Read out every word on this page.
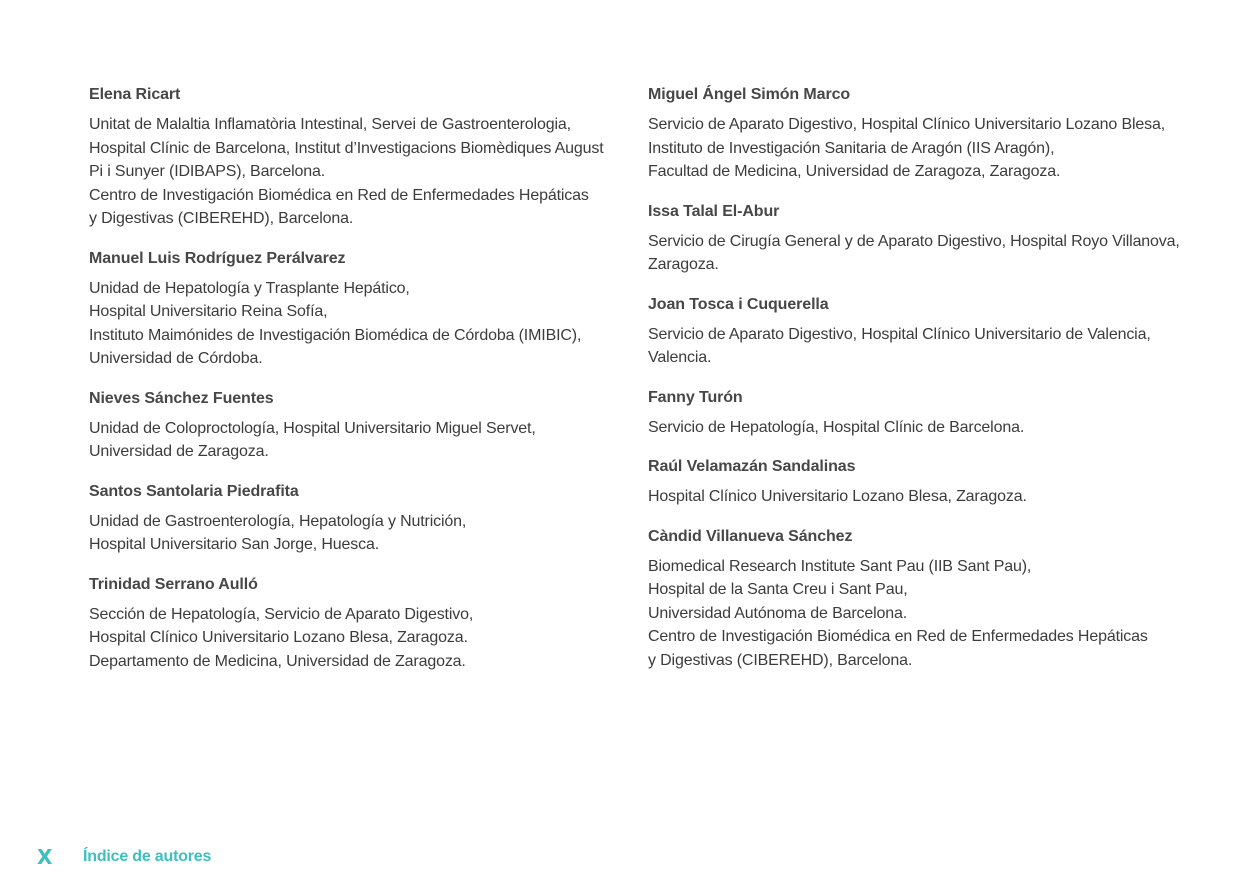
Elena Ricart

Unitat de Malaltia Inflamatòria Intestinal, Servei de Gastroenterologia,

Hospital Clínic de Barcelona, Institut d’Investigacions Biomèdiques August

Pi i Sunyer (IDIBAPS), Barcelona.

Centro de Investigación Biomédica en Red de Enfermedades Hepáticas

y Digestivas (CIBEREHD), Barcelona.

Manuel Luis Rodríguez Perálvarez

Unidad de Hepatología y Trasplante Hepático,

Hospital Universitario Reina Sofía,

Instituto Maimónides de Investigación Biomédica de Córdoba (IMIBIC),

Universidad de Córdoba.

Nieves Sánchez Fuentes

Unidad de Coloproctología, Hospital Universitario Miguel Servet,

Universidad de Zaragoza.

Santos Santolaria Piedrafita

Unidad de Gastroenterología, Hepatología y Nutrición,

Hospital Universitario San Jorge, Huesca.

Trinidad Serrano Aulló

Sección de Hepatología, Servicio de Aparato Digestivo,

Hospital Clínico Universitario Lozano Blesa, Zaragoza.

Departamento de Medicina, Universidad de Zaragoza.

Miguel Ángel Simón Marco

Servicio de Aparato Digestivo, Hospital Clínico Universitario Lozano Blesa,

Instituto de Investigación Sanitaria de Aragón (IIS Aragón),

Facultad de Medicina, Universidad de Zaragoza, Zaragoza.

Issa Talal El-Abur

Servicio de Cirugía General y de Aparato Digestivo, Hospital Royo Villanova,

Zaragoza.

Joan Tosca i Cuquerella

Servicio de Aparato Digestivo, Hospital Clínico Universitario de Valencia,

Valencia.

Fanny Turón

Servicio de Hepatología, Hospital Clínic de Barcelona.

Raúl Velamazán Sandalinas

Hospital Clínico Universitario Lozano Blesa, Zaragoza.

Càndid Villanueva Sánchez

Biomedical Research Institute Sant Pau (IIB Sant Pau),

Hospital de la Santa Creu i Sant Pau,

Universidad Autónoma de Barcelona.

Centro de Investigación Biomédica en Red de Enfermedades Hepáticas

y Digestivas (CIBEREHD), Barcelona.

X Índice de autores
